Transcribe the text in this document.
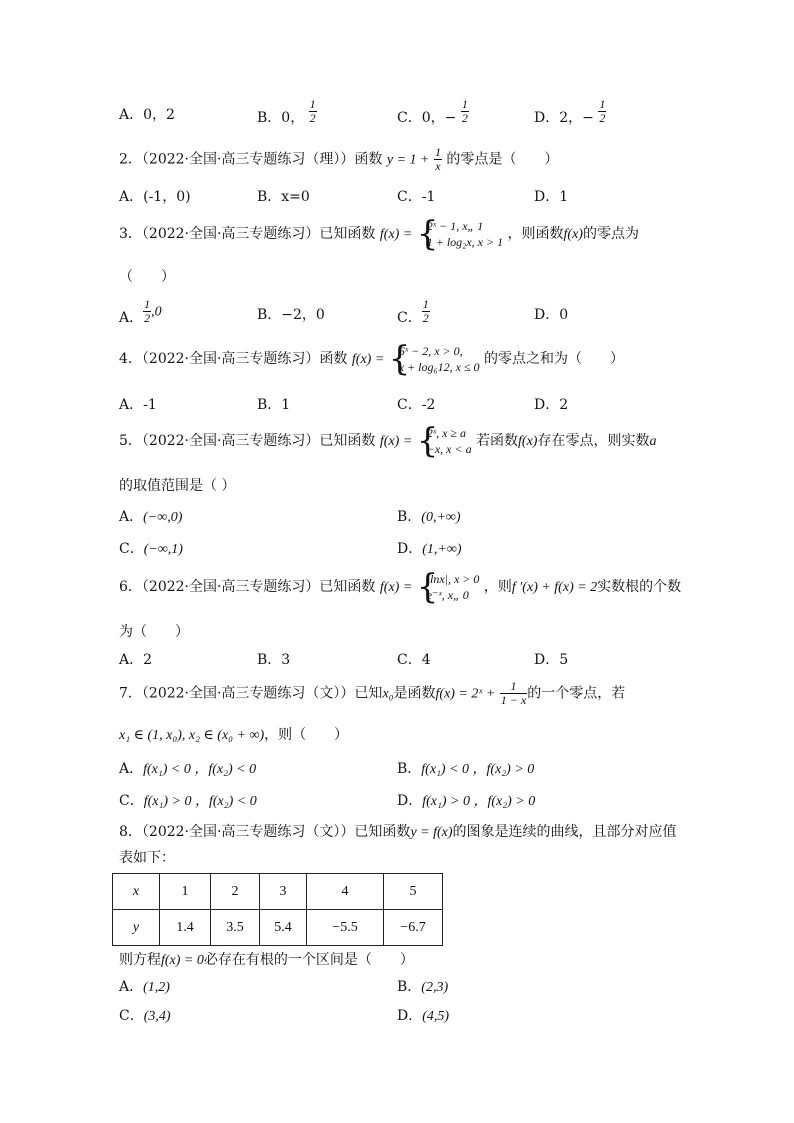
A．0，2	B．0， $\frac{1}{2}$	C．0，− $\frac{1}{2}$	D．2，− $\frac{1}{2}$
2．（2022·全国·高三专题练习（理））函数 $y = 1 + \frac{1}{x}$ 的零点是（　　）
A．(-1，0)	B．x=0	C．-1	D．1
3．（2022·全国·高三专题练习）已知函数 f(x) = {
2ˣ − 1, x„ 1
1 + log₂x, x > 1 ，则函数f(x)的零点为
（　　）
A． $\frac{1}{2} ,0$	B．−2，0	C． $\frac{1}{2}$	D．0
4．（2022·全国·高三专题练习）函数 f(x) = {
6ˣ − 2, x > 0,
x + log₆12, x ≤ 0 的零点之和为（　　）
A．-1	B．1	C．-2	D．2
5．（2022·全国·高三专题练习）已知函数 f(x) = {
2ˣ, x ≥ a
−x, x < a 若函数f(x)存在零点，则实数a
的取值范围是（ ）
A．(−∞,0)	B．(0,+∞)
C．(−∞,1)	D．(1,+∞)
6．（2022·全国·高三专题练习）已知函数 f(x) = {
|lnx|, x > 0
e⁻ˣ, x„ 0	，则f ′(x) + f(x) = 2实数根的个数
为（　　）
A．2	B．3	C．4	D．5
7．（2022·全国·高三专题练习（文））已知x₀是函数f(x) = 2ˣ + $\frac{1}{1 - x}$ 的一个零点，若
x₁ ∈ (1, x₀), x₂ ∈ (x₀ + ∞)，则（　　）
A．f(x₁) < 0 ，f(x₂) < 0	B．f(x₁) < 0 ，f(x₂) > 0
C．f(x₁) > 0 ，f(x₂) < 0	D．f(x₁) > 0 ，f(x₂) > 0
8．（2022·全国·高三专题练习（文））已知函数y = f(x)的图象是连续的曲线，且部分对应值
表如下：
x	1	2	3	4	5
y	1.4	3.5	5.4	−5.5	−6.7
则方程f(x) = 0必存在有根的一个区间是（　　）
A．(1,2)	B．(2,3)
C．(3,4)	D．(4,5)
